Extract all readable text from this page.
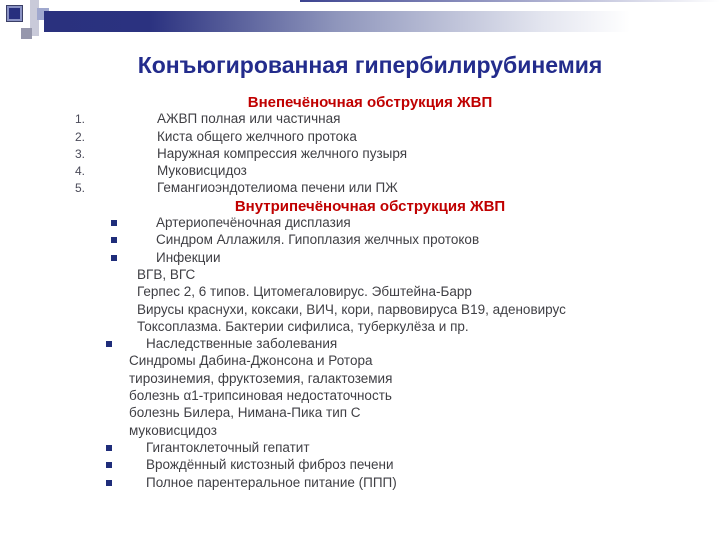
Конъюгированная гипербилирубинемия
Внепечёночная обструкция ЖВП
1.	АЖВП полная или частичная
2.	Киста общего желчного протока
3.	Наружная компрессия желчного пузыря
4.	Муковисцидоз
5.	Гемангиоэндотелиома печени или ПЖ
Внутрипечёночная обструкция ЖВП
Артериопечёночная дисплазия
Синдром Аллажиля. Гипоплазия желчных протоков
Инфекции
ВГВ, ВГС
Герпес 2, 6 типов. Цитомегаловирус. Эбштейна-Барр
Вирусы краснухи, коксаки, ВИЧ, кори, парвовируса В19, аденовирус
Токсоплазма. Бактерии сифилиса, туберкулёза и пр.
Наследственные заболевания
Синдромы Дабина-Джонсона и Ротора
тирозинемия, фруктоземия, галактоземия
болезнь α1-трипсиновая недостаточность
болезнь Билера, Нимана-Пика тип С
муковисцидоз
Гигантоклеточный гепатит
Врождённый кистозный фиброз печени
Полное парентеральное питание (ППП)
